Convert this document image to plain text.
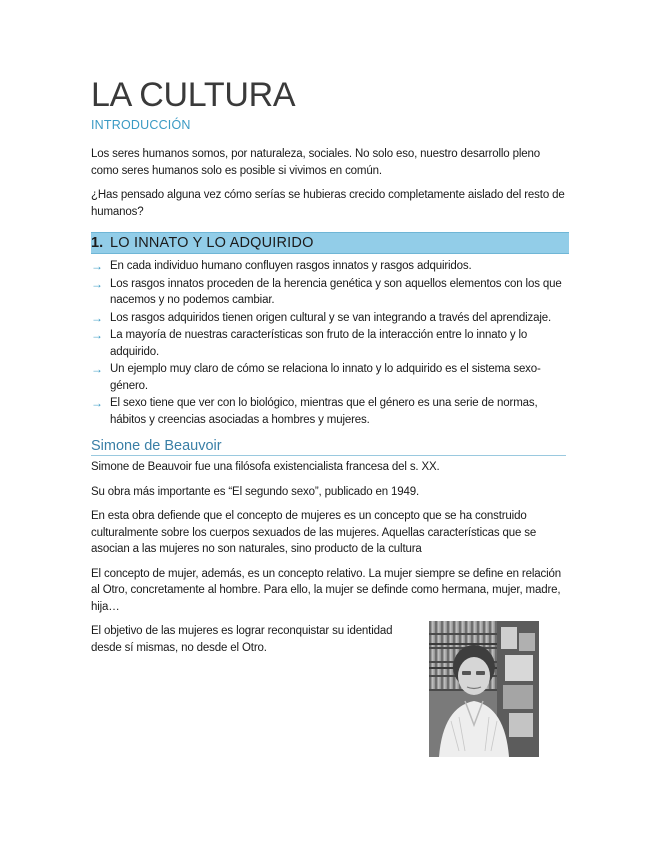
LA CULTURA
INTRODUCCIÓN

Los seres humanos somos, por naturaleza, sociales. No solo eso, nuestro desarrollo pleno como seres humanos solo es posible si vivimos en común.

¿Has pensado alguna vez cómo serías se hubieras crecido completamente aislado del resto de humanos?

1. LO INNATO Y LO ADQUIRIDO
→ En cada individuo humano confluyen rasgos innatos y rasgos adquiridos.
→ Los rasgos innatos proceden de la herencia genética y son aquellos elementos con los que nacemos y no podemos cambiar.
→ Los rasgos adquiridos tienen origen cultural y se van integrando a través del aprendizaje.
→ La mayoría de nuestras características son fruto de la interacción entre lo innato y lo adquirido.
→ Un ejemplo muy claro de cómo se relaciona lo innato y lo adquirido es el sistema sexo-género.
→ El sexo tiene que ver con lo biológico, mientras que el género es una serie de normas, hábitos y creencias asociadas a hombres y mujeres.
Simone de Beauvoir

Simone de Beauvoir fue una filósofa existencialista francesa del s. XX.

Su obra más importante es “El segundo sexo”, publicado en 1949.

En esta obra defiende que el concepto de mujeres es un concepto que se ha construido culturalmente sobre los cuerpos sexuados de las mujeres. Aquellas características que se asocian a las mujeres no son naturales, sino producto de la cultura

El concepto de mujer, además, es un concepto relativo. La mujer siempre se define en relación al Otro, concretamente al hombre. Para ello, la mujer se definde como hermana, mujer, madre, hija…

El objetivo de las mujeres es lograr reconquistar su identidad desde sí mismas, no desde el Otro.
